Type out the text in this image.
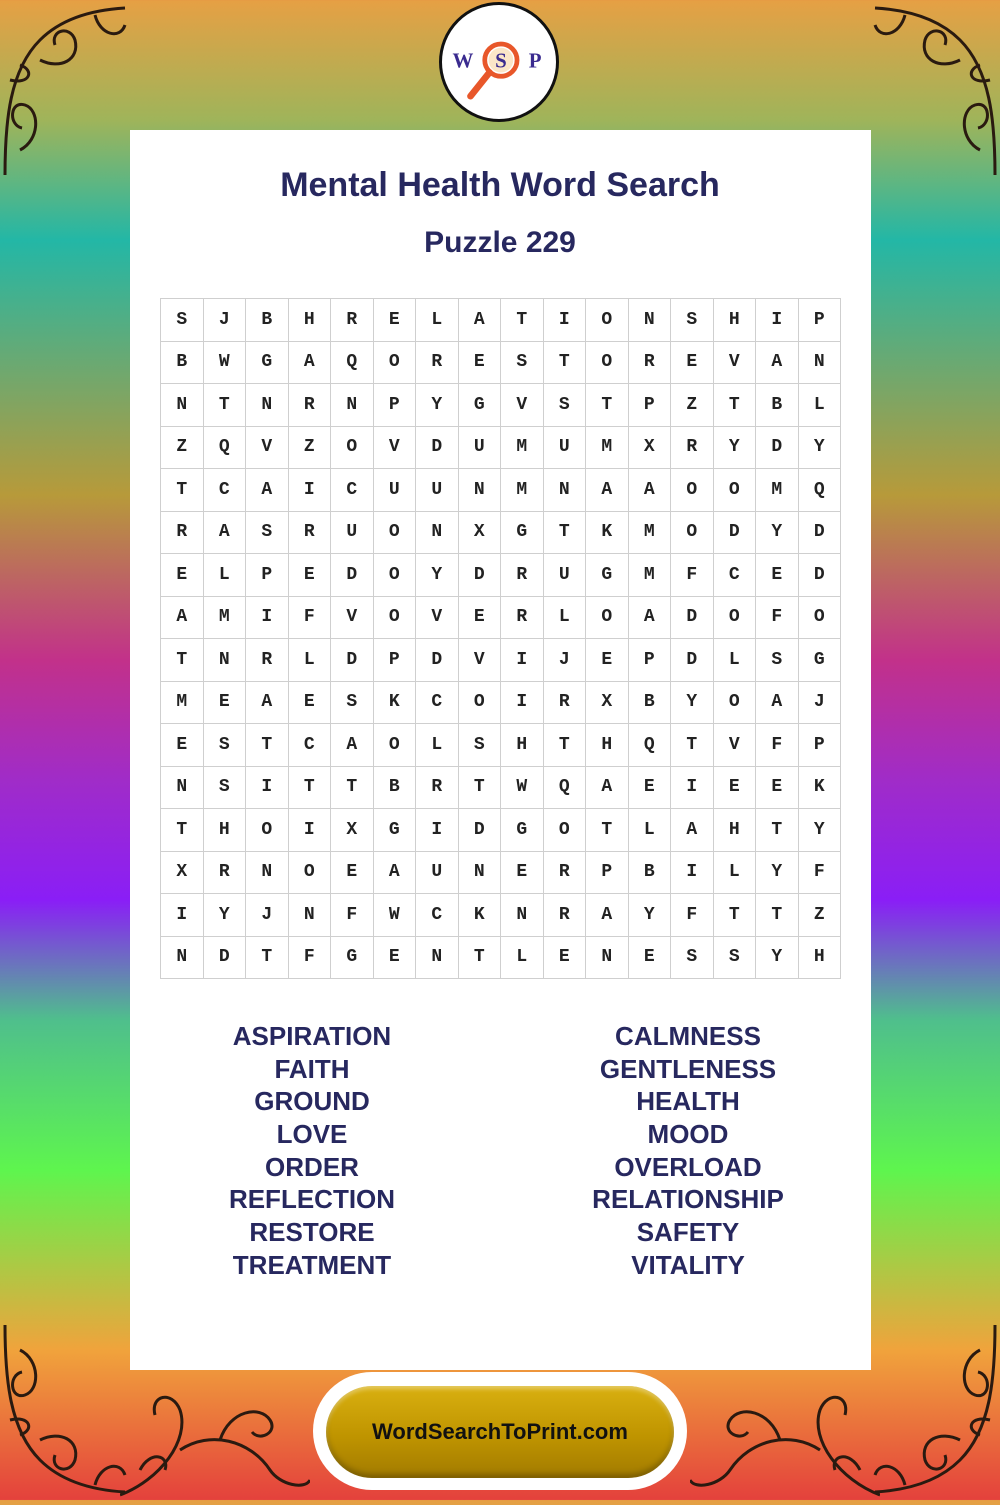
W S P
Mental Health Word Search
Puzzle 229
S	J	B	H	R	E	L	A	T	I	O	N	S	H	I	P
B	W	G	A	Q	O	R	E	S	T	O	R	E	V	A	N
N	T	N	R	N	P	Y	G	V	S	T	P	Z	T	B	L
Z	Q	V	Z	O	V	D	U	M	U	M	X	R	Y	D	Y
T	C	A	I	C	U	U	N	M	N	A	A	O	O	M	Q
R	A	S	R	U	O	N	X	G	T	K	M	O	D	Y	D
E	L	P	E	D	O	Y	D	R	U	G	M	F	C	E	D
A	M	I	F	V	O	V	E	R	L	O	A	D	O	F	O
T	N	R	L	D	P	D	V	I	J	E	P	D	L	S	G
M	E	A	E	S	K	C	O	I	R	X	B	Y	O	A	J
E	S	T	C	A	O	L	S	H	T	H	Q	T	V	F	P
N	S	I	T	T	B	R	T	W	Q	A	E	I	E	E	K
T	H	O	I	X	G	I	D	G	O	T	L	A	H	T	Y
X	R	N	O	E	A	U	N	E	R	P	B	I	L	Y	F
I	Y	J	N	F	W	C	K	N	R	A	Y	F	T	T	Z
N	D	T	F	G	E	N	T	L	E	N	E	S	S	Y	H
ASPIRATION
FAITH
GROUND
LOVE
ORDER
REFLECTION
RESTORE
TREATMENT
CALMNESS
GENTLENESS
HEALTH
MOOD
OVERLOAD
RELATIONSHIP
SAFETY
VITALITY
WordSearchToPrint.com
